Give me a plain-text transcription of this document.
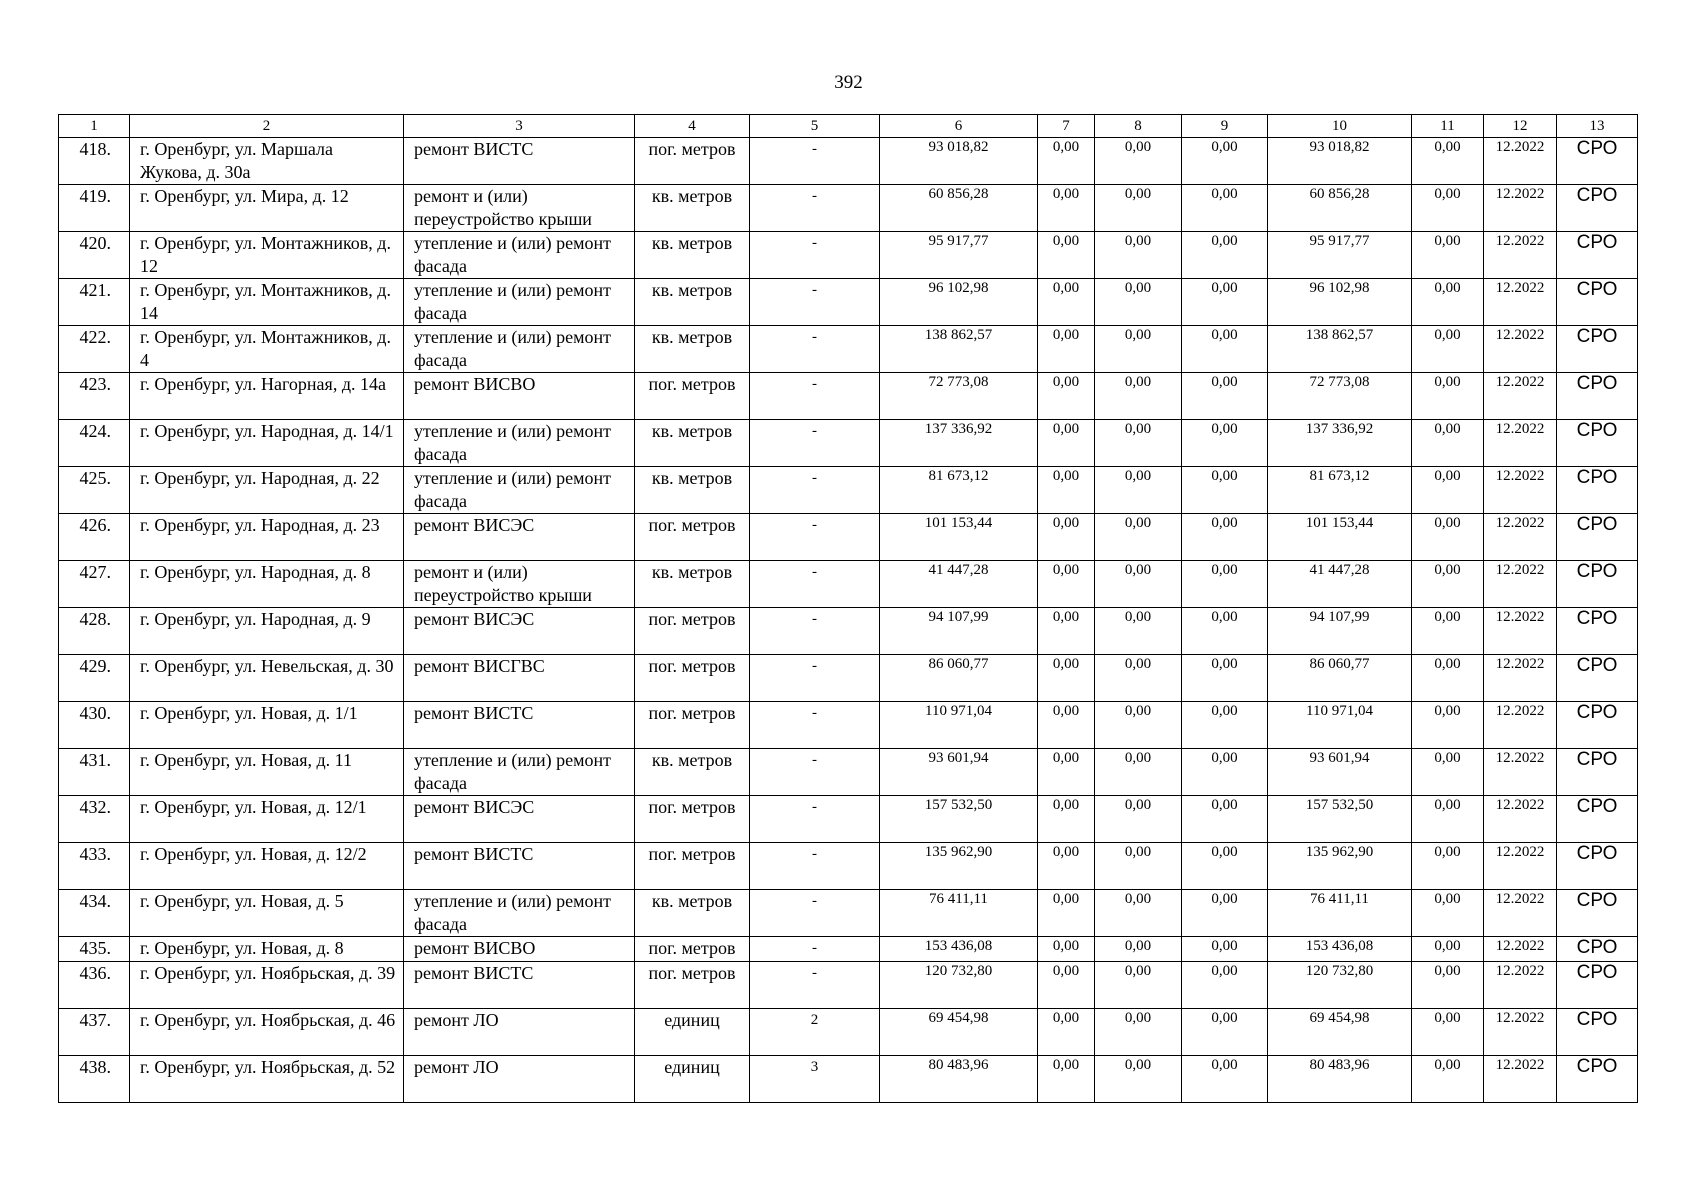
392
1	2	3	4	5	6	7	8	9	10	11	12	13
418.	г. Оренбург, ул. Маршала Жукова, д. 30а	ремонт ВИСТС	пог. метров	-	93 018,82	0,00	0,00	0,00	93 018,82	0,00	12.2022	СРО
419.	г. Оренбург, ул. Мира, д. 12	ремонт и (или) переустройство крыши	кв. метров	-	60 856,28	0,00	0,00	0,00	60 856,28	0,00	12.2022	СРО
420.	г. Оренбург, ул. Монтажников, д. 12	утепление и (или) ремонт фасада	кв. метров	-	95 917,77	0,00	0,00	0,00	95 917,77	0,00	12.2022	СРО
421.	г. Оренбург, ул. Монтажников, д. 14	утепление и (или) ремонт фасада	кв. метров	-	96 102,98	0,00	0,00	0,00	96 102,98	0,00	12.2022	СРО
422.	г. Оренбург, ул. Монтажников, д. 4	утепление и (или) ремонт фасада	кв. метров	-	138 862,57	0,00	0,00	0,00	138 862,57	0,00	12.2022	СРО
423.	г. Оренбург, ул. Нагорная, д. 14а	ремонт ВИСВО	пог. метров	-	72 773,08	0,00	0,00	0,00	72 773,08	0,00	12.2022	СРО
424.	г. Оренбург, ул. Народная, д. 14/1	утепление и (или) ремонт фасада	кв. метров	-	137 336,92	0,00	0,00	0,00	137 336,92	0,00	12.2022	СРО
425.	г. Оренбург, ул. Народная, д. 22	утепление и (или) ремонт фасада	кв. метров	-	81 673,12	0,00	0,00	0,00	81 673,12	0,00	12.2022	СРО
426.	г. Оренбург, ул. Народная, д. 23	ремонт ВИСЭС	пог. метров	-	101 153,44	0,00	0,00	0,00	101 153,44	0,00	12.2022	СРО
427.	г. Оренбург, ул. Народная, д. 8	ремонт и (или) переустройство крыши	кв. метров	-	41 447,28	0,00	0,00	0,00	41 447,28	0,00	12.2022	СРО
428.	г. Оренбург, ул. Народная, д. 9	ремонт ВИСЭС	пог. метров	-	94 107,99	0,00	0,00	0,00	94 107,99	0,00	12.2022	СРО
429.	г. Оренбург, ул. Невельская, д. 30	ремонт ВИСГВС	пог. метров	-	86 060,77	0,00	0,00	0,00	86 060,77	0,00	12.2022	СРО
430.	г. Оренбург, ул. Новая, д. 1/1	ремонт ВИСТС	пог. метров	-	110 971,04	0,00	0,00	0,00	110 971,04	0,00	12.2022	СРО
431.	г. Оренбург, ул. Новая, д. 11	утепление и (или) ремонт фасада	кв. метров	-	93 601,94	0,00	0,00	0,00	93 601,94	0,00	12.2022	СРО
432.	г. Оренбург, ул. Новая, д. 12/1	ремонт ВИСЭС	пог. метров	-	157 532,50	0,00	0,00	0,00	157 532,50	0,00	12.2022	СРО
433.	г. Оренбург, ул. Новая, д. 12/2	ремонт ВИСТС	пог. метров	-	135 962,90	0,00	0,00	0,00	135 962,90	0,00	12.2022	СРО
434.	г. Оренбург, ул. Новая, д. 5	утепление и (или) ремонт фасада	кв. метров	-	76 411,11	0,00	0,00	0,00	76 411,11	0,00	12.2022	СРО
435.	г. Оренбург, ул. Новая, д. 8	ремонт ВИСВО	пог. метров	-	153 436,08	0,00	0,00	0,00	153 436,08	0,00	12.2022	СРО
436.	г. Оренбург, ул. Ноябрьская, д. 39	ремонт ВИСТС	пог. метров	-	120 732,80	0,00	0,00	0,00	120 732,80	0,00	12.2022	СРО
437.	г. Оренбург, ул. Ноябрьская, д. 46	ремонт ЛО	единиц	2	69 454,98	0,00	0,00	0,00	69 454,98	0,00	12.2022	СРО
438.	г. Оренбург, ул. Ноябрьская, д. 52	ремонт ЛО	единиц	3	80 483,96	0,00	0,00	0,00	80 483,96	0,00	12.2022	СРО
